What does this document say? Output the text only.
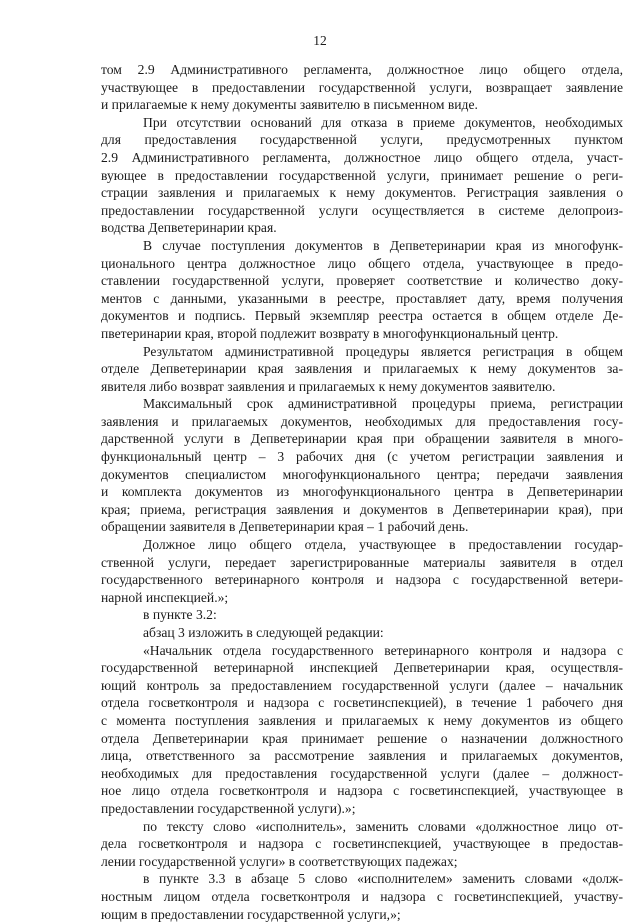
12
том 2.9 Административного регламента, должностное лицо общего отдела,
участвующее в предоставлении государственной услуги, возвращает заявление
и прилагаемые к нему документы заявителю в письменном виде.
При отсутствии оснований для отказа в приеме документов, необходимых
для предоставления государственной услуги, предусмотренных пунктом
2.9 Административного регламента, должностное лицо общего отдела, участ-
вующее в предоставлении государственной услуги, принимает решение о реги-
страции заявления и прилагаемых к нему документов. Регистрация заявления о
предоставлении государственной услуги осуществляется в системе делопроиз-
водства Депветеринарии края.
В случае поступления документов в Депветеринарии края из многофунк-
ционального центра должностное лицо общего отдела, участвующее в предо-
ставлении государственной услуги, проверяет соответствие и количество доку-
ментов с данными, указанными в реестре, проставляет дату, время получения
документов и подпись. Первый экземпляр реестра остается в общем отделе Де-
пветеринарии края, второй подлежит возврату в многофункциональный центр.
Результатом административной процедуры является регистрация в общем
отделе Депветеринарии края заявления и прилагаемых к нему документов за-
явителя либо возврат заявления и прилагаемых к нему документов заявителю.
Максимальный срок административной процедуры приема, регистрации
заявления и прилагаемых документов, необходимых для предоставления госу-
дарственной услуги в Депветеринарии края при обращении заявителя в много-
функциональный центр – 3 рабочих дня (с учетом регистрации заявления и
документов специалистом многофункционального центра; передачи заявления
и комплекта документов из многофункционального центра в Депветеринарии
края; приема, регистрация заявления и документов в Депветеринарии края), при
обращении заявителя в Депветеринарии края – 1 рабочий день.
Должное лицо общего отдела, участвующее в предоставлении государ-
ственной услуги, передает зарегистрированные материалы заявителя в отдел
государственного ветеринарного контроля и надзора с государственной ветери-
нарной инспекцией.»;
в пункте 3.2:
абзац 3 изложить в следующей редакции:
«Начальник отдела государственного ветеринарного контроля и надзора с
государственной ветеринарной инспекцией Депветеринарии края, осуществля-
ющий контроль за предоставлением государственной услуги (далее – начальник
отдела госветконтроля и надзора с госветинспекцией), в течение 1 рабочего дня
с момента поступления заявления и прилагаемых к нему документов из общего
отдела Депветеринарии края принимает решение о назначении должностного
лица, ответственного за рассмотрение заявления и прилагаемых документов,
необходимых для предоставления государственной услуги (далее – должност-
ное лицо отдела госветконтроля и надзора с госветинспекцией, участвующее в
предоставлении государственной услуги).»;
по тексту слово «исполнитель», заменить словами «должностное лицо от-
дела госветконтроля и надзора с госветинспекцией, участвующее в предостав-
лении государственной услуги» в соответствующих падежах;
в пункте 3.3 в абзаце 5 слово «исполнителем» заменить словами «долж-
ностным лицом отдела госветконтроля и надзора с госветинспекцией, участву-
ющим в предоставлении государственной услуги,»;
